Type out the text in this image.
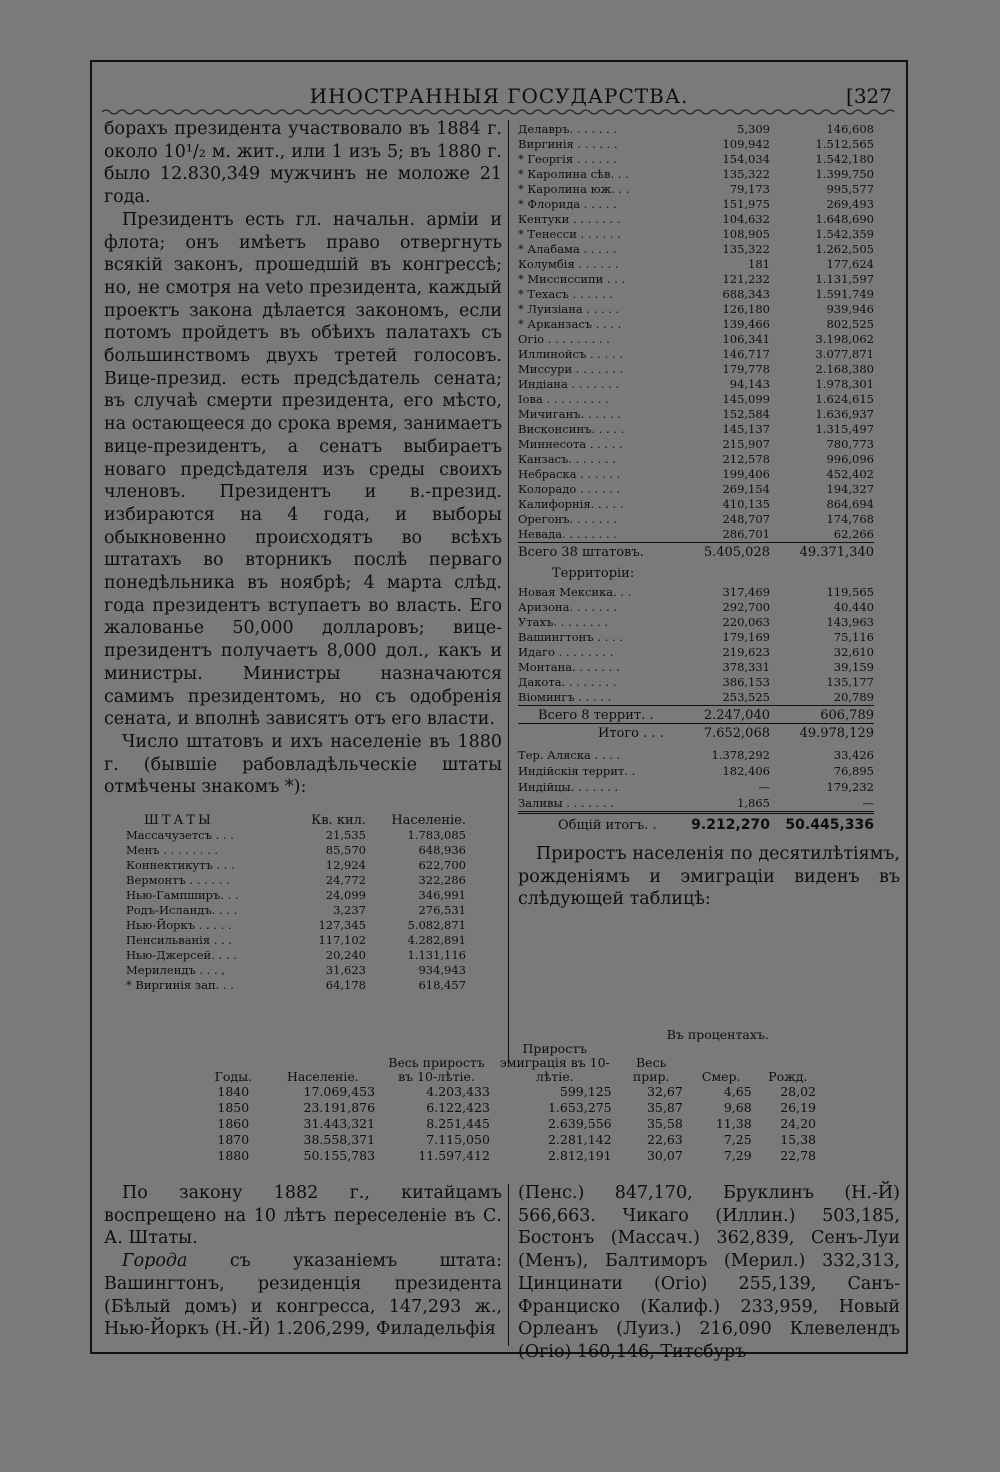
ИНОСТРАННЫЯ ГОСУДАРСТВА.	[327

борахъ президента участвовало въ 1884 г. около 10¹/₂ м. жит., или 1 изъ 5; въ 1880 г. было 12.830,349 мужчинъ не моложе 21 года.

Президентъ есть гл. начальн. арміи и флота; онъ имѣетъ право отвергнуть всякій законъ, прошедшій въ конгрессѣ; но, не смотря на veto президента, каждый проектъ закона дѣлается закономъ, если потомъ пройдетъ въ обѣихъ палатахъ съ большинствомъ двухъ третей голосовъ. Вице-презид. есть предсѣдатель сената; въ случаѣ смерти президента, его мѣсто, на остающееся до срока время, занимаетъ вице-президентъ, а сенатъ выбираетъ новаго предсѣдателя изъ среды своихъ членовъ. Президентъ и в.-презид. избираются на 4 года, и выборы обыкновенно происходятъ во всѣхъ штатахъ во вторникъ послѣ перваго понедѣльника въ ноябрѣ; 4 марта слѣд. года президентъ вступаетъ во власть. Его жалованье 50,000 долларовъ; вице-президентъ получаетъ 8,000 дол., какъ и министры. Министры назначаются самимъ президентомъ, но съ одобренія сената, и вполнѣ зависятъ отъ его власти.

Число штатовъ и ихъ населеніе въ 1880 г. (бывшіе рабовладѣльческіе штаты отмѣчены знакомъ *):

ШТАТЫ	Кв. кил.	Населеніе.
Массачузетсъ . . .	21,535	1.783,085
Менъ . . . . . . . .	85,570	648,936
Коннектикутъ . . .	12,924	622,700
Вермонтъ . . . . . .	24,772	322,286
Нью-Гампширъ. . .	24,099	346,991
Родъ-Исландъ. . . .	3,237	276,531
Нью-Йоркъ . . . . .	127,345	5.082,871
Пенсильванія . . .	117,102	4.282,891
Нью-Джерсей. . . .	20,240	1.131,116
Мерилендъ . . . ,	31,623	934,943
* Виргинія зап. . .	64,178	618,457
Делавръ. . . . . . .	5,309	146,608
Виргинія . . . . . .	109,942	1.512,565
* Георгія . . . . . .	154,034	1.542,180
* Каролина сѣв. . .	135,322	1.399,750
* Каролина юж. . .	79,173	995,577
* Флорида . . . . .	151,975	269,493
Кентуки . . . . . . .	104,632	1.648,690
* Тенесси . . . . . .	108,905	1.542,359
* Алабама . . . . .	135,322	1.262,505
Колумбія . . . . . .	181	177,624
* Миссиссипи . . .	121,232	1.131,597
* Техасъ . . . . . .	688,343	1.591,749
* Луизіана . . . . .	126,180	939,946
* Арканзасъ . . . .	139,466	802,525
Огіо . . . . . . . . .	106,341	3.198,062
Иллинойсъ . . . . .	146,717	3.077,871
Миссури . . . . . . .	179,778	2.168,380
Индіана . . . . . . .	94,143	1.978,301
Іова . . . . . . . . .	145,099	1.624,615
Мичиганъ. . . . . .	152,584	1.636,937
Висконсинъ. . . . .	145,137	1.315,497
Миннесота . . . . .	215,907	780,773
Канзасъ. . . . . . .	212,578	996,096
Небраска . . . . . .	199,406	452,402
Колорадо . . . . . .	269,154	194,327
Калифорнія. . . . .	410,135	864,694
Орегонъ. . . . . . .	248,707	174,768
Невада. . . . . . . .	286,701	62,266
Всего 38 штатовъ.	5.405,028	49.371,340
Территоріи:		
Новая Мексика. . .	317,469	119,565
Аризона. . . . . . .	292,700	40,440
Утахъ. . . . . . . .	220,063	143,963
Вашингтонъ . . . .	179,169	75,116
Идаго . . . . . . . .	219,623	32,610
Монтана. . . . . . .	378,331	39,159
Дакота. . . . . . . .	386,153	135,177
Віомингъ . . . . .	253,525	20,789
Всего 8 террит. .	2.247,040	606,789
Итого . . .	7.652,068	49.978,129
Тер. Аляска . . . .	1.378,292	33,426
Индійскія террит. .	182,406	76,895
Индійцы. . . . . . .	—	179,232
Заливы . . . . . . .	1,865	—
Общій итогъ. .	9.212,270	50.445,336

Приростъ населенія по десятилѣтіямъ, рожденіямъ и эмиграціи виденъ въ слѣдующей таблицѣ:

				Въ процентахъ.		
Годы.	Населеніе.	Весь приростъ въ 10-лѣтіе.	Приростъ эмиграція въ 10-лѣтіе.	Весь прир.	Смер.	Рожд.
1840	17.069,453	4.203,433	599,125	32,67	4,65	28,02
1850	23.191,876	6.122,423	1.653,275	35,87	9,68	26,19
1860	31.443,321	8.251,445	2.639,556	35,58	11,38	24,20
1870	38.558,371	7.115,050	2.281,142	22,63	7,25	15,38
1880	50.155,783	11.597,412	2.812,191	30,07	7,29	22,78

По закону 1882 г., китайцамъ воспрещено на 10 лѣтъ переселеніе въ С. А. Штаты.

Города съ указаніемъ штата: Вашингтонъ, резиденція президента (Бѣлый домъ) и конгресса, 147,293 ж., Нью-Йоркъ (Н.-Й) 1.206,299, Филадельфія

(Пенс.) 847,170, Бруклинъ (Н.-Й) 566,663. Чикаго (Иллин.) 503,185, Бостонъ (Массач.) 362,839, Сенъ-Луи (Менъ), Балтиморъ (Мерил.) 332,313, Цинцинати (Огіо) 255,139, Санъ-Франциско (Калиф.) 233,959, Новый Орлеанъ (Луиз.) 216,090 Клевелендъ (Огіо) 160,146, Титсбуръ
